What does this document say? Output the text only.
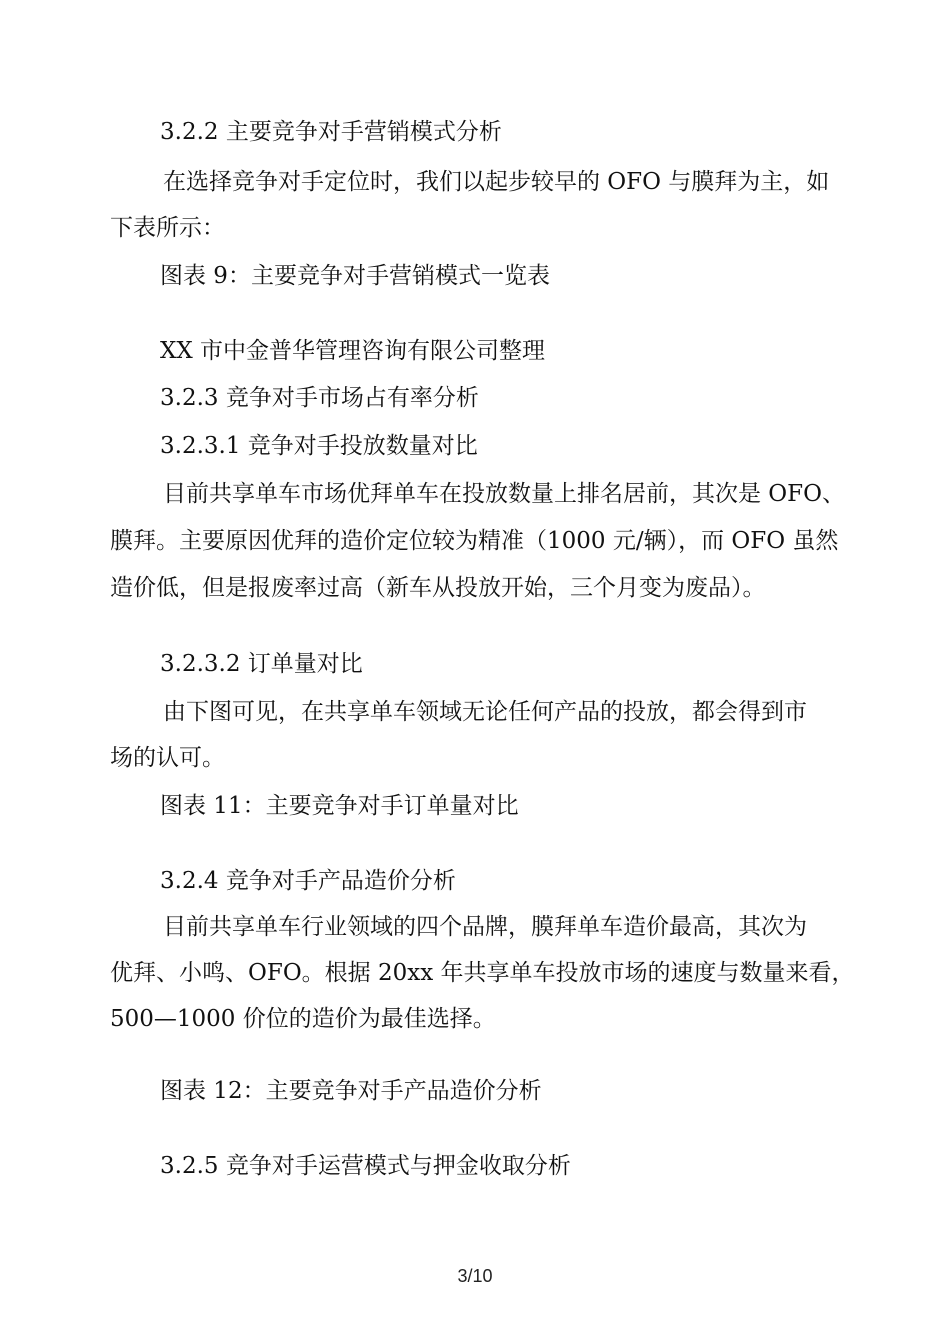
3.2.2 主要竞争对手营销模式分析

在选择竞争对手定位时，我们以起步较早的 OFO 与膜拜为主，如

下表所示：

图表 9：主要竞争对手营销模式一览表

XX 市中金普华管理咨询有限公司整理

3.2.3 竞争对手市场占有率分析

3.2.3.1 竞争对手投放数量对比

目前共享单车市场优拜单车在投放数量上排名居前，其次是 OFO、

膜拜。主要原因优拜的造价定位较为精准（1000 元/辆），而 OFO 虽然

造价低，但是报废率过高（新车从投放开始，三个月变为废品）。

3.2.3.2 订单量对比

由下图可见，在共享单车领域无论任何产品的投放，都会得到市

场的认可。

图表 11：主要竞争对手订单量对比

3.2.4 竞争对手产品造价分析

目前共享单车行业领域的四个品牌，膜拜单车造价最高，其次为

优拜、小鸣、OFO。根据 20xx 年共享单车投放市场的速度与数量来看，

500—1000 价位的造价为最佳选择。

图表 12：主要竞争对手产品造价分析

3.2.5 竞争对手运营模式与押金收取分析

3/10
